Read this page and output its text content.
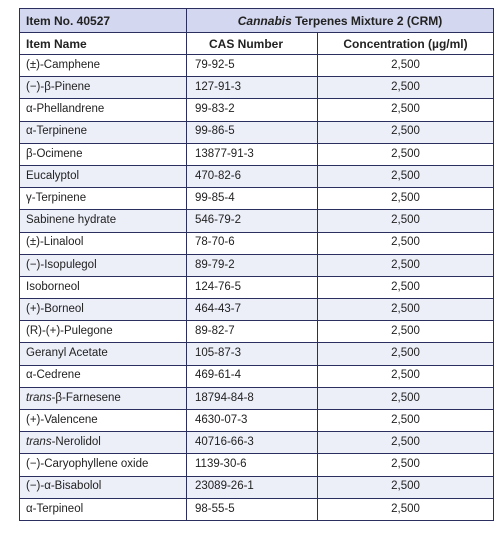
Item No. 40527	Cannabis Terpenes Mixture 2 (CRM)	
Item Name	CAS Number	Concentration (µg/ml)
(±)-Camphene	79-92-5	2,500
(−)-β-Pinene	127-91-3	2,500
α-Phellandrene	99-83-2	2,500
α-Terpinene	99-86-5	2,500
β-Ocimene	13877-91-3	2,500
Eucalyptol	470-82-6	2,500
γ-Terpinene	99-85-4	2,500
Sabinene hydrate	546-79-2	2,500
(±)-Linalool	78-70-6	2,500
(−)-Isopulegol	89-79-2	2,500
Isoborneol	124-76-5	2,500
(+)-Borneol	464-43-7	2,500
(R)-(+)-Pulegone	89-82-7	2,500
Geranyl Acetate	105-87-3	2,500
α-Cedrene	469-61-4	2,500
trans-β-Farnesene	18794-84-8	2,500
(+)-Valencene	4630-07-3	2,500
trans-Nerolidol	40716-66-3	2,500
(−)-Caryophyllene oxide	1139-30-6	2,500
(−)-α-Bisabolol	23089-26-1	2,500
α-Terpineol	98-55-5	2,500
